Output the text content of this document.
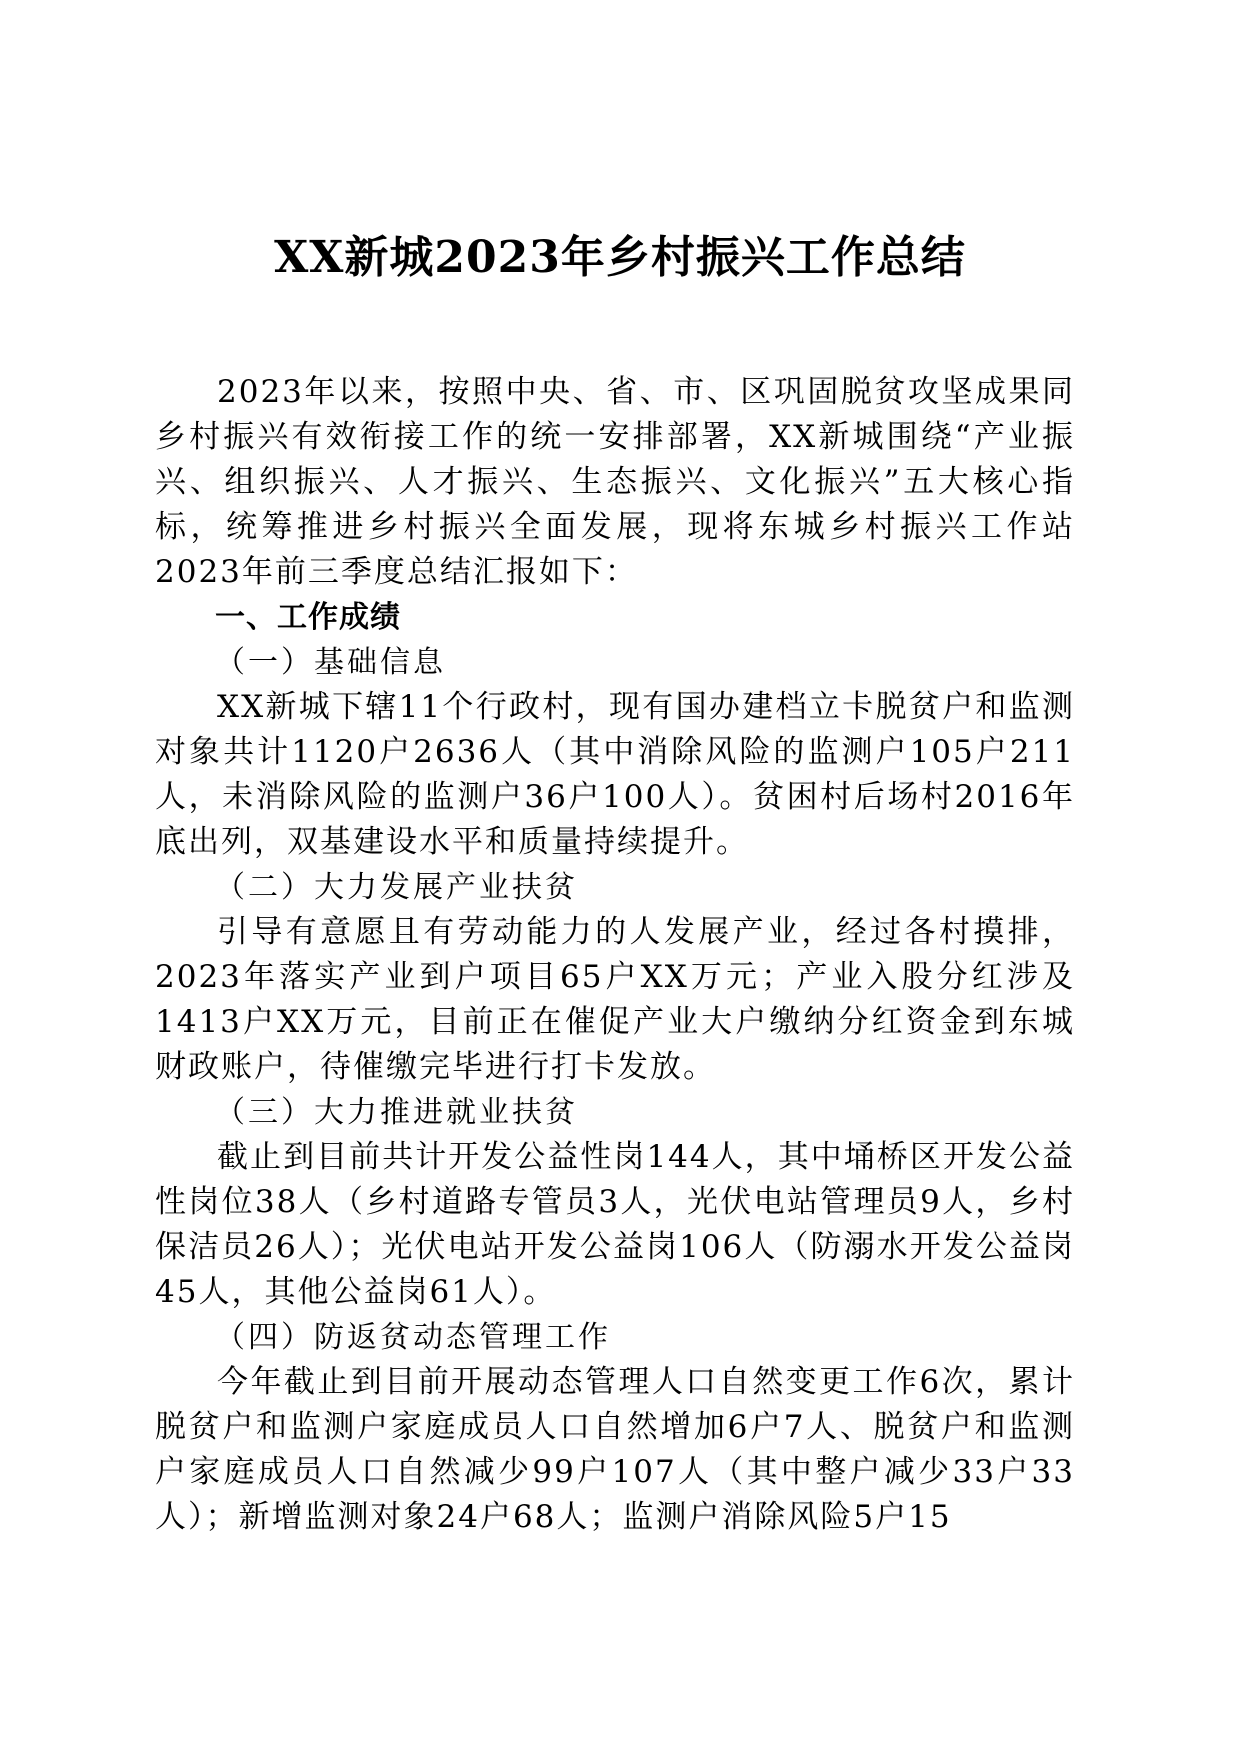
XX新城2023年乡村振兴工作总结

2023年以来，按照中央、省、市、区巩固脱贫攻坚成果同乡村振兴有效衔接工作的统一安排部署，XX新城围绕“产业振兴、组织振兴、人才振兴、生态振兴、文化振兴”五大核心指标，统筹推进乡村振兴全面发展，现将东城乡村振兴工作站2023年前三季度总结汇报如下：

一、工作成绩

（一）基础信息

XX新城下辖11个行政村，现有国办建档立卡脱贫户和监测对象共计1120户2636人（其中消除风险的监测户105户211人，未消除风险的监测户36户100人）。贫困村后场村2016年底出列，双基建设水平和质量持续提升。

（二）大力发展产业扶贫

引导有意愿且有劳动能力的人发展产业，经过各村摸排，2023年落实产业到户项目65户XX万元；产业入股分红涉及1413户XX万元，目前正在催促产业大户缴纳分红资金到东城财政账户，待催缴完毕进行打卡发放。

（三）大力推进就业扶贫

截止到目前共计开发公益性岗144人，其中埇桥区开发公益性岗位38人（乡村道路专管员3人，光伏电站管理员9人，乡村保洁员26人）；光伏电站开发公益岗106人（防溺水开发公益岗45人，其他公益岗61人）。

（四）防返贫动态管理工作

今年截止到目前开展动态管理人口自然变更工作6次，累计脱贫户和监测户家庭成员人口自然增加6户7人、脱贫户和监测户家庭成员人口自然减少99户107人（其中整户减少33户33人）；新增监测对象24户68人；监测户消除风险5户15
